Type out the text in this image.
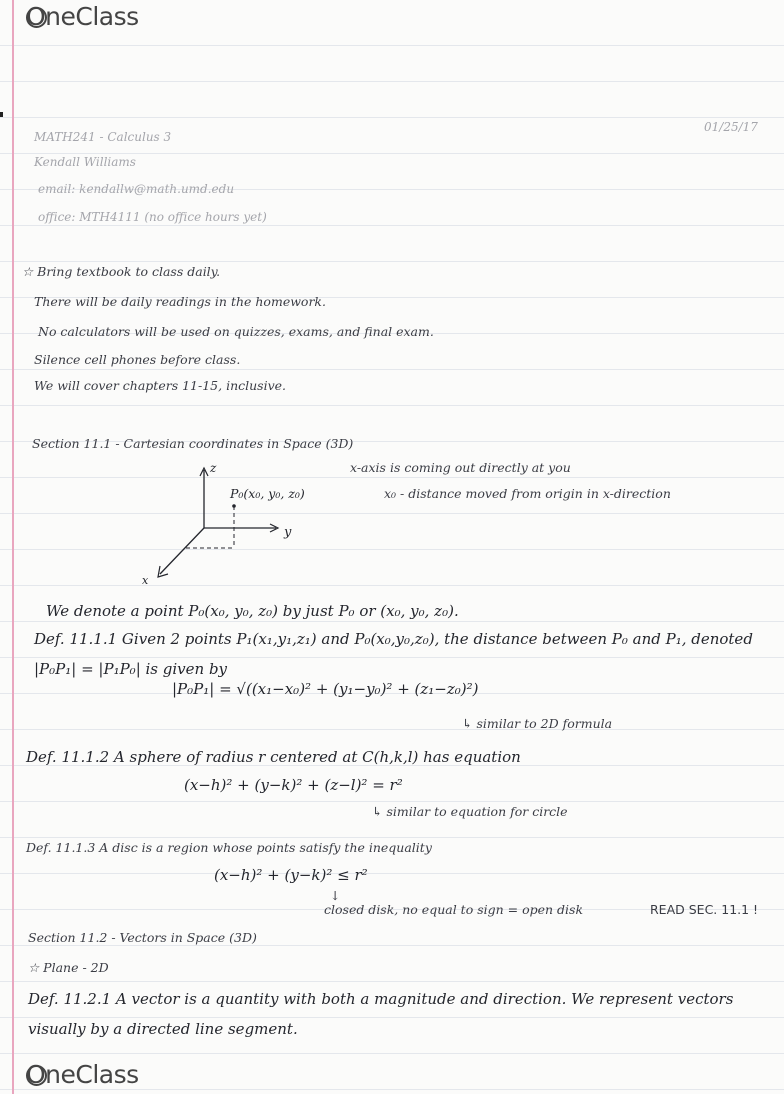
OneClass
01/25/17
MATH241 - Calculus 3
Kendall Williams
email: kendallw@math.umd.edu
office: MTH4111 (no office hours yet)
☆ Bring textbook to class daily.
There will be daily readings in the homework.
No calculators will be used on quizzes, exams, and final exam.
Silence cell phones before class.
We will cover chapters 11-15, inclusive.
Section 11.1 - Cartesian coordinates in Space (3D)
z
y
x
P₀(x₀, y₀, z₀)
x-axis is coming out directly at you
x₀ - distance moved from origin in x-direction
We denote a point P₀(x₀, y₀, z₀) by just P₀ or (x₀, y₀, z₀).
Def. 11.1.1 Given 2 points P₁(x₁,y₁,z₁) and P₀(x₀,y₀,z₀), the distance between P₀ and P₁, denoted
|P₀P₁| = |P₁P₀| is given by
|P₀P₁| = √((x₁−x₀)² + (y₁−y₀)² + (z₁−z₀)²)
↳ similar to 2D formula
Def. 11.1.2 A sphere of radius r centered at C(h,k,l) has equation
(x−h)² + (y−k)² + (z−l)² = r²
↳ similar to equation for circle
Def. 11.1.3 A disc is a region whose points satisfy the inequality
(x−h)² + (y−k)² ≤ r²
↓
closed disk, no equal to sign = open disk	READ SEC. 11.1 !
Section 11.2 - Vectors in Space (3D)
☆ Plane - 2D
Def. 11.2.1 A vector is a quantity with both a magnitude and direction. We represent vectors
visually by a directed line segment.
OneClass
